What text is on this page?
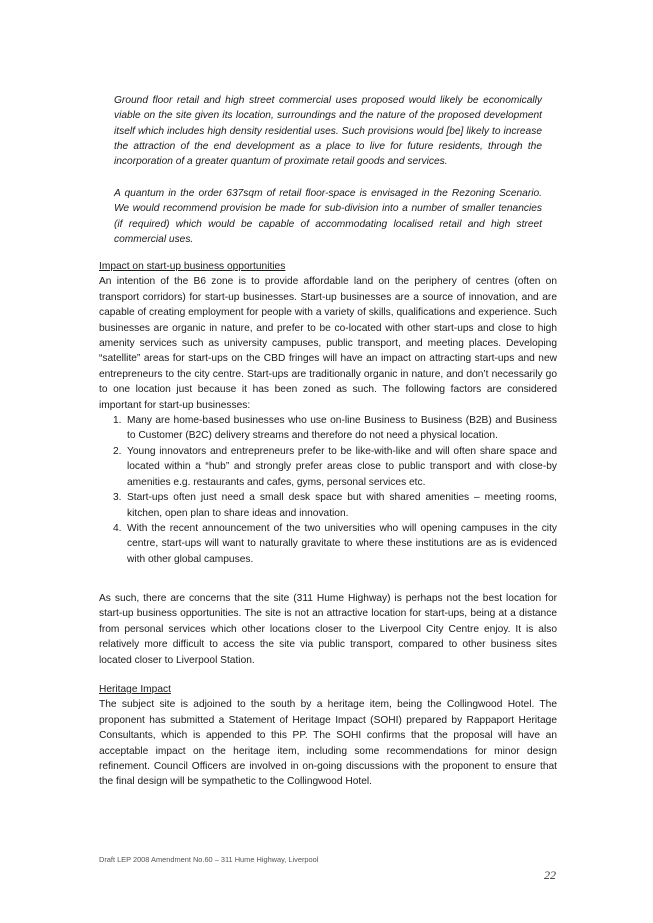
Ground floor retail and high street commercial uses proposed would likely be economically viable on the site given its location, surroundings and the nature of the proposed development itself which includes high density residential uses. Such provisions would [be] likely to increase the attraction of the end development as a place to live for future residents, through the incorporation of a greater quantum of proximate retail goods and services.

A quantum in the order 637sqm of retail floor-space is envisaged in the Rezoning Scenario. We would recommend provision be made for sub-division into a number of smaller tenancies (if required) which would be capable of accommodating localised retail and high street commercial uses.

Impact on start-up business opportunities

An intention of the B6 zone is to provide affordable land on the periphery of centres (often on transport corridors) for start-up businesses. Start-up businesses are a source of innovation, and are capable of creating employment for people with a variety of skills, qualifications and experience. Such businesses are organic in nature, and prefer to be co-located with other start-ups and close to high amenity services such as university campuses, public transport, and meeting places. Developing “satellite” areas for start-ups on the CBD fringes will have an impact on attracting start-ups and new entrepreneurs to the city centre. Start-ups are traditionally organic in nature, and don’t necessarily go to one location just because it has been zoned as such. The following factors are considered important for start-up businesses:

1. Many are home-based businesses who use on-line Business to Business (B2B) and Business to Customer (B2C) delivery streams and therefore do not need a physical location.
2. Young innovators and entrepreneurs prefer to be like-with-like and will often share space and located within a “hub” and strongly prefer areas close to public transport and with close-by amenities e.g. restaurants and cafes, gyms, personal services etc.
3. Start-ups often just need a small desk space but with shared amenities – meeting rooms, kitchen, open plan to share ideas and innovation.
4. With the recent announcement of the two universities who will opening campuses in the city centre, start-ups will want to naturally gravitate to where these institutions are as is evidenced with other global campuses.

As such, there are concerns that the site (311 Hume Highway) is perhaps not the best location for start-up business opportunities. The site is not an attractive location for start-ups, being at a distance from personal services which other locations closer to the Liverpool City Centre enjoy. It is also relatively more difficult to access the site via public transport, compared to other business sites located closer to Liverpool Station.

Heritage Impact

The subject site is adjoined to the south by a heritage item, being the Collingwood Hotel. The proponent has submitted a Statement of Heritage Impact (SOHI) prepared by Rappaport Heritage Consultants, which is appended to this PP. The SOHI confirms that the proposal will have an acceptable impact on the heritage item, including some recommendations for minor design refinement. Council Officers are involved in on-going discussions with the proponent to ensure that the final design will be sympathetic to the Collingwood Hotel.

Draft LEP 2008 Amendment No.60 – 311 Hume Highway, Liverpool
22
